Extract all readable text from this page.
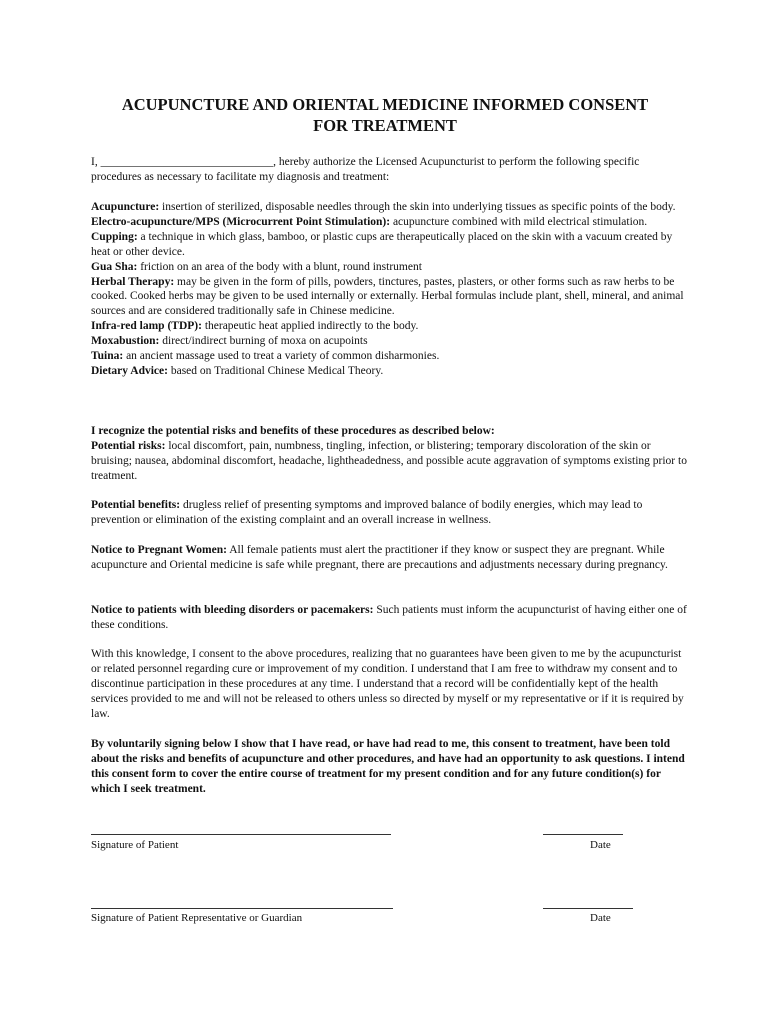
ACUPUNCTURE AND ORIENTAL MEDICINE INFORMED CONSENT
FOR TREATMENT

I, ______________________________, hereby authorize the Licensed Acupuncturist to perform the following specific procedures as necessary to facilitate my diagnosis and treatment:

Acupuncture: insertion of sterilized, disposable needles through the skin into underlying tissues as specific points of the body.

Electro-acupuncture/MPS (Microcurrent Point Stimulation): acupuncture combined with mild electrical stimulation.

Cupping: a technique in which glass, bamboo, or plastic cups are therapeutically placed on the skin with a vacuum created by heat or other device.

Gua Sha: friction on an area of the body with a blunt, round instrument

Herbal Therapy: may be given in the form of pills, powders, tinctures, pastes, plasters, or other forms such as raw herbs to be cooked. Cooked herbs may be given to be used internally or externally. Herbal formulas include plant, shell, mineral, and animal sources and are considered traditionally safe in Chinese medicine.

Infra-red lamp (TDP): therapeutic heat applied indirectly to the body.

Moxabustion: direct/indirect burning of moxa on acupoints

Tuina: an ancient massage used to treat a variety of common disharmonies.

Dietary Advice: based on Traditional Chinese Medical Theory.

I recognize the potential risks and benefits of these procedures as described below:

Potential risks: local discomfort, pain, numbness, tingling, infection, or blistering; temporary discoloration of the skin or bruising; nausea, abdominal discomfort, headache, lightheadedness, and possible acute aggravation of symptoms existing prior to treatment.

Potential benefits: drugless relief of presenting symptoms and improved balance of bodily energies, which may lead to prevention or elimination of the existing complaint and an overall increase in wellness.

Notice to Pregnant Women: All female patients must alert the practitioner if they know or suspect they are pregnant. While acupuncture and Oriental medicine is safe while pregnant, there are precautions and adjustments necessary during pregnancy.

Notice to patients with bleeding disorders or pacemakers: Such patients must inform the acupuncturist of having either one of these conditions.

With this knowledge, I consent to the above procedures, realizing that no guarantees have been given to me by the acupuncturist or related personnel regarding cure or improvement of my condition. I understand that I am free to withdraw my consent and to discontinue participation in these procedures at any time. I understand that a record will be confidentially kept of the health services provided to me and will not be released to others unless so directed by myself or my representative or if it is required by law.

By voluntarily signing below I show that I have read, or have had read to me, this consent to treatment, have been told about the risks and benefits of acupuncture and other procedures, and have had an opportunity to ask questions. I intend this consent form to cover the entire course of treatment for my present condition and for any future condition(s) for which I seek treatment.

Signature of Patient	Date
Signature of Patient Representative or Guardian	Date
